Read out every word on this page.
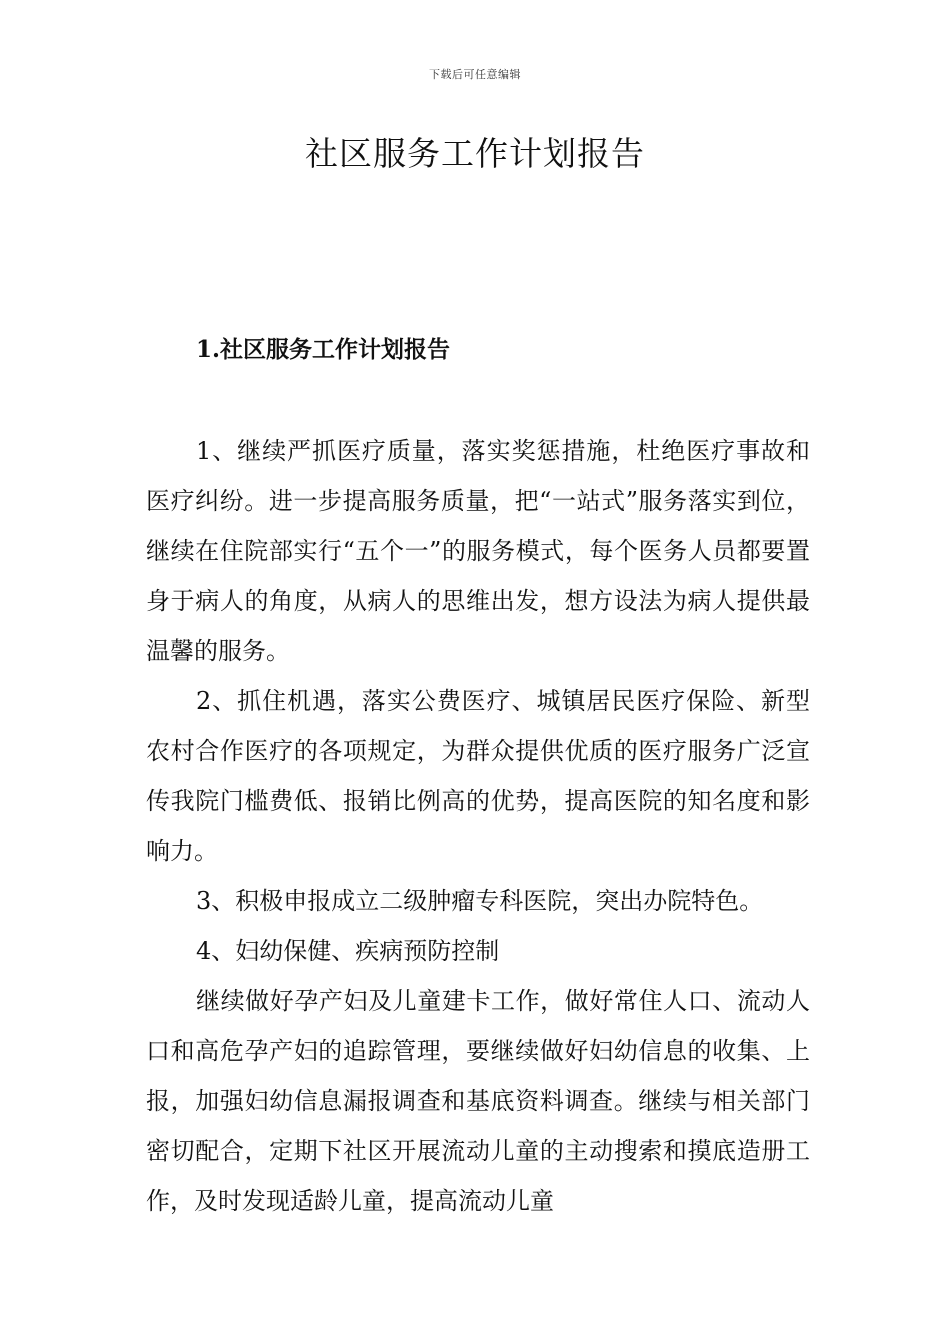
下载后可任意编辑
社区服务工作计划报告
1.社区服务工作计划报告

1、继续严抓医疗质量，落实奖惩措施，杜绝医疗事故和医疗纠纷。进一步提高服务质量，把“一站式”服务落实到位，继续在住院部实行“五个一”的服务模式，每个医务人员都要置身于病人的角度，从病人的思维出发，想方设法为病人提供最温馨的服务。

2、抓住机遇，落实公费医疗、城镇居民医疗保险、新型农村合作医疗的各项规定，为群众提供优质的医疗服务广泛宣传我院门槛费低、报销比例高的优势，提高医院的知名度和影响力。

3、积极申报成立二级肿瘤专科医院，突出办院特色。

4、妇幼保健、疾病预防控制

继续做好孕产妇及儿童建卡工作，做好常住人口、流动人口和高危孕产妇的追踪管理，要继续做好妇幼信息的收集、上报，加强妇幼信息漏报调查和基底资料调查。继续与相关部门密切配合，定期下社区开展流动儿童的主动搜索和摸底造册工作，及时发现适龄儿童，提高流动儿童
